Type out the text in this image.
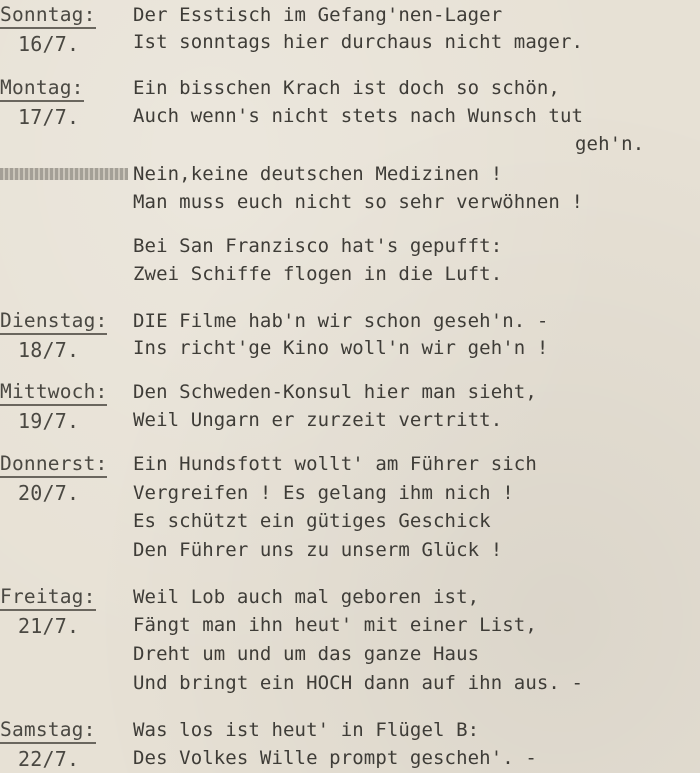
Sonntag:
16/7.
Der Esstisch im Gefang'nen-Lager
Ist sonntags hier durchaus nicht mager.
Montag:
17/7.
Ein bisschen Krach ist doch so schön,
Auch wenn's nicht stets nach Wunsch tut
geh'n.
Nein,keine deutschen Medizinen !
Man muss euch nicht so sehr verwöhnen !
Bei San Franzisco hat's gepufft:
Zwei Schiffe flogen in die Luft.
Dienstag:
18/7.
DIE Filme hab'n wir schon geseh'n. -
Ins richt'ge Kino woll'n wir geh'n !
Mittwoch:
19/7.
Den Schweden-Konsul hier man sieht,
Weil Ungarn er zurzeit vertritt.
Donnerst:
20/7.
Ein Hundsfott wollt' am Führer sich
Vergreifen ! Es gelang ihm nich !
Es schützt ein gütiges Geschick
Den Führer uns zu unserm Glück !
Freitag:
21/7.
Weil Lob auch mal geboren ist,
Fängt man ihn heut' mit einer List,
Dreht um und um das ganze Haus
Und bringt ein HOCH dann auf ihn aus. -
Samstag:
22/7.
Was los ist heut' in Flügel B:
Des Volkes Wille prompt gescheh'. -
